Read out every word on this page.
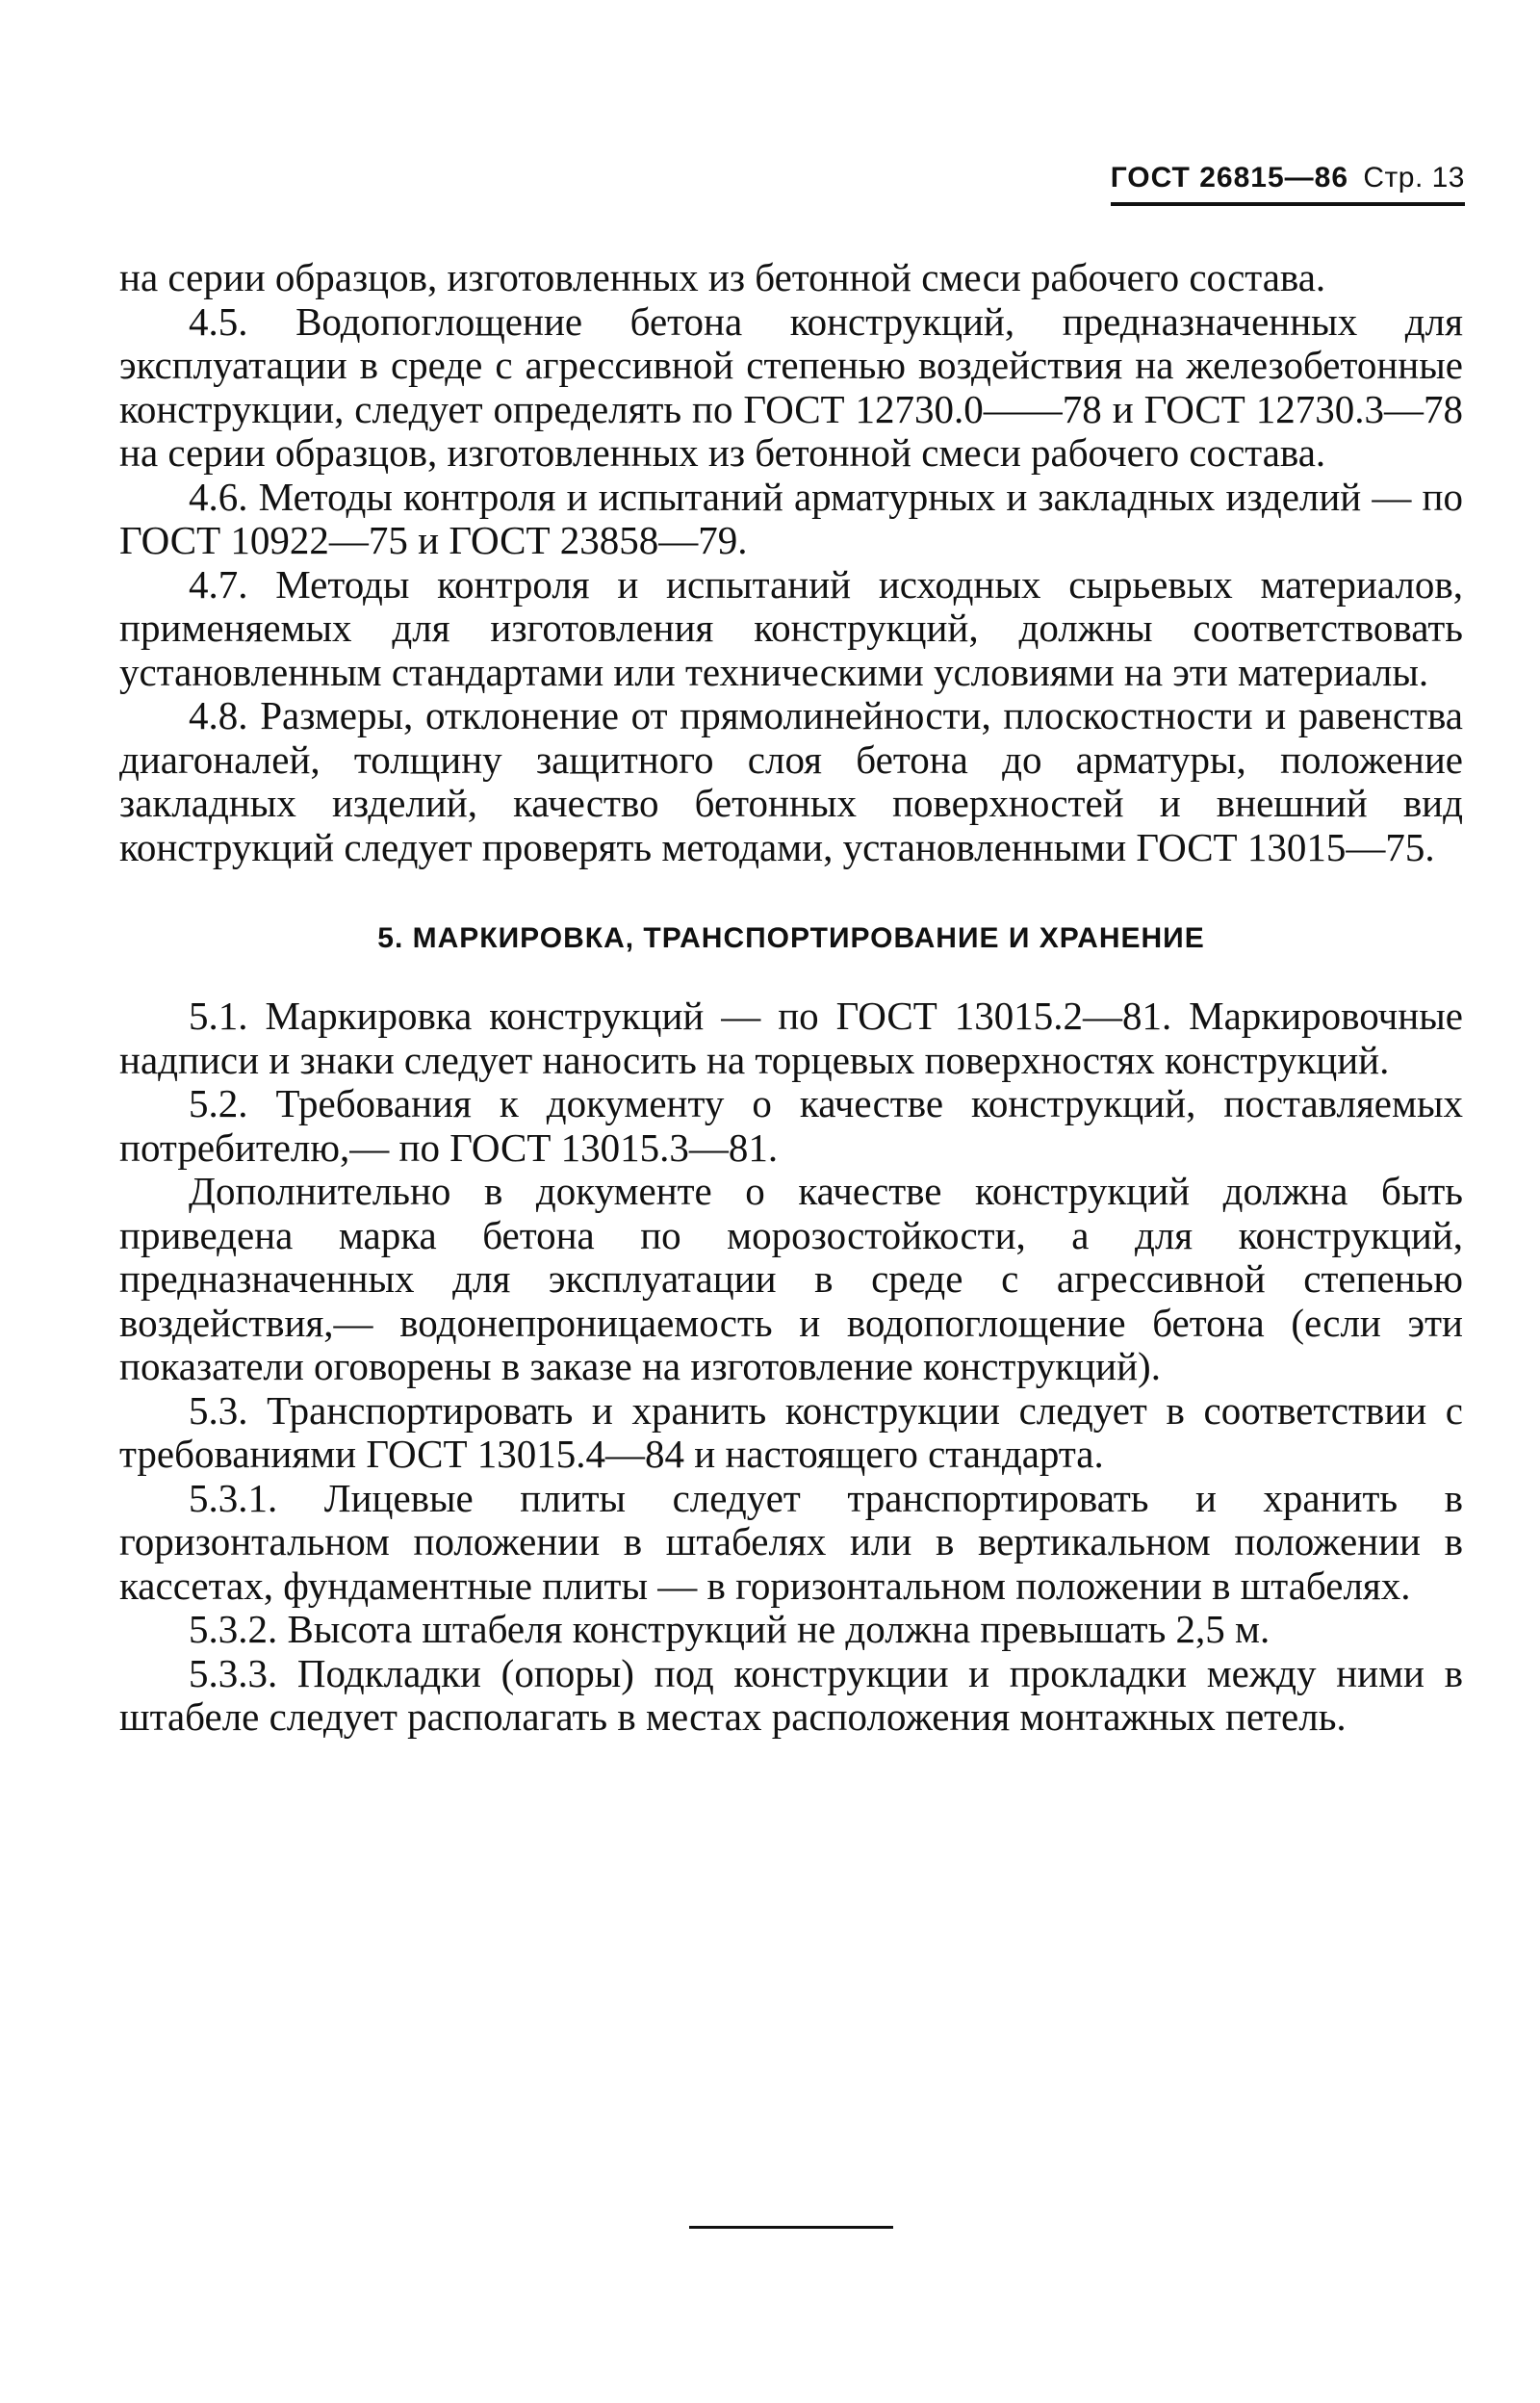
ГОСТ 26815—86 Стр. 13

на серии образцов, изготовленных из бетонной смеси рабочего состава.

4.5. Водопоглощение бетона конструкций, предназначенных для эксплуатации в среде с агрессивной степенью воздействия на железобетонные конструкции, следует определять по ГОСТ 12730.0—​—78 и ГОСТ 12730.3—78 на серии образцов, изготовленных из бетонной смеси рабочего состава.

4.6. Методы контроля и испытаний арматурных и закладных изделий — по ГОСТ 10922—75 и ГОСТ 23858—79.

4.7. Методы контроля и испытаний исходных сырьевых материалов, применяемых для изготовления конструкций, должны соответствовать установленным стандартами или техническими условиями на эти материалы.

4.8. Размеры, отклонение от прямолинейности, плоскостности и равенства диагоналей, толщину защитного слоя бетона до арматуры, положение закладных изделий, качество бетонных поверхностей и внешний вид конструкций следует проверять методами, установленными ГОСТ 13015—75.

5. МАРКИРОВКА, ТРАНСПОРТИРОВАНИЕ И ХРАНЕНИЕ

5.1. Маркировка конструкций — по ГОСТ 13015.2—81. Маркировочные надписи и знаки следует наносить на торцевых поверхностях конструкций.

5.2. Требования к документу о качестве конструкций, поставляемых потребителю,— по ГОСТ 13015.3—81.

Дополнительно в документе о качестве конструкций должна быть приведена марка бетона по морозостойкости, а для конструкций, предназначенных для эксплуатации в среде с агрессивной степенью воздействия,— водонепроницаемость и водопоглощение бетона (если эти показатели оговорены в заказе на изготовление конструкций).

5.3. Транспортировать и хранить конструкции следует в соответствии с требованиями ГОСТ 13015.4—84 и настоящего стандарта.

5.3.1. Лицевые плиты следует транспортировать и хранить в горизонтальном положении в штабелях или в вертикальном положении в кассетах, фундаментные плиты — в горизонтальном положении в штабелях.

5.3.2. Высота штабеля конструкций не должна превышать 2,5 м.

5.3.3. Подкладки (опоры) под конструкции и прокладки между ними в штабеле следует располагать в местах расположения монтажных петель.
